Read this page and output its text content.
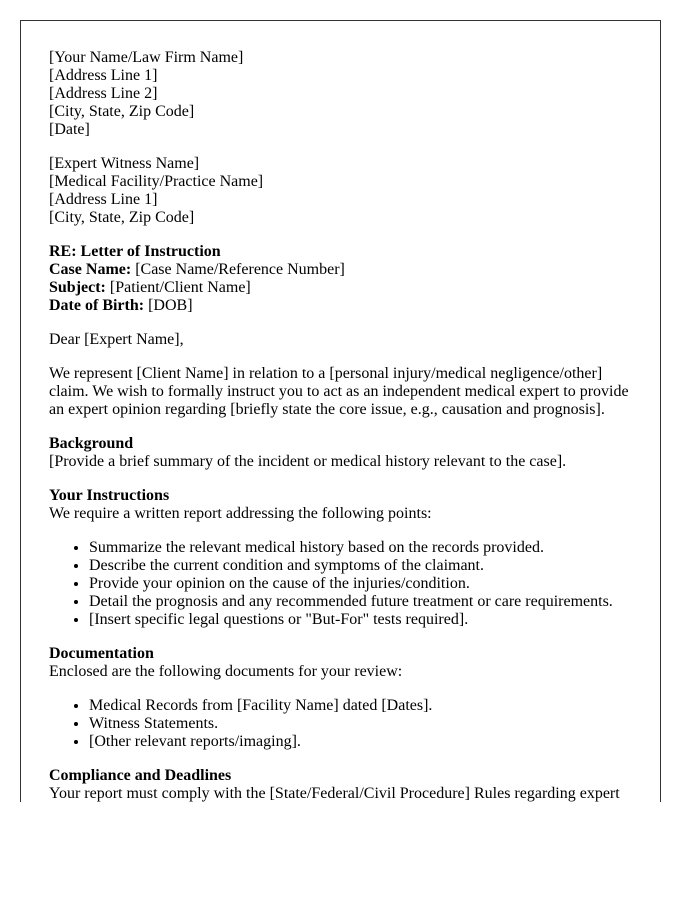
[Your Name/Law Firm Name]
[Address Line 1]
[Address Line 2]
[City, State, Zip Code]
[Date]

[Expert Witness Name]
[Medical Facility/Practice Name]
[Address Line 1]
[City, State, Zip Code]

RE: Letter of Instruction
Case Name: [Case Name/Reference Number]
Subject: [Patient/Client Name]
Date of Birth: [DOB]

Dear [Expert Name],

We represent [Client Name] in relation to a [personal injury/medical negligence/other] claim. We wish to formally instruct you to act as an independent medical expert to provide an expert opinion regarding [briefly state the core issue, e.g., causation and prognosis].

Background
[Provide a brief summary of the incident or medical history relevant to the case].

Your Instructions
We require a written report addressing the following points:

• Summarize the relevant medical history based on the records provided.
• Describe the current condition and symptoms of the claimant.
• Provide your opinion on the cause of the injuries/condition.
• Detail the prognosis and any recommended future treatment or care requirements.
• [Insert specific legal questions or "But-For" tests required].

Documentation
Enclosed are the following documents for your review:

• Medical Records from [Facility Name] dated [Dates].
• Witness Statements.
• [Other relevant reports/imaging].

Compliance and Deadlines
Your report must comply with the [State/Federal/Civil Procedure] Rules regarding expert
